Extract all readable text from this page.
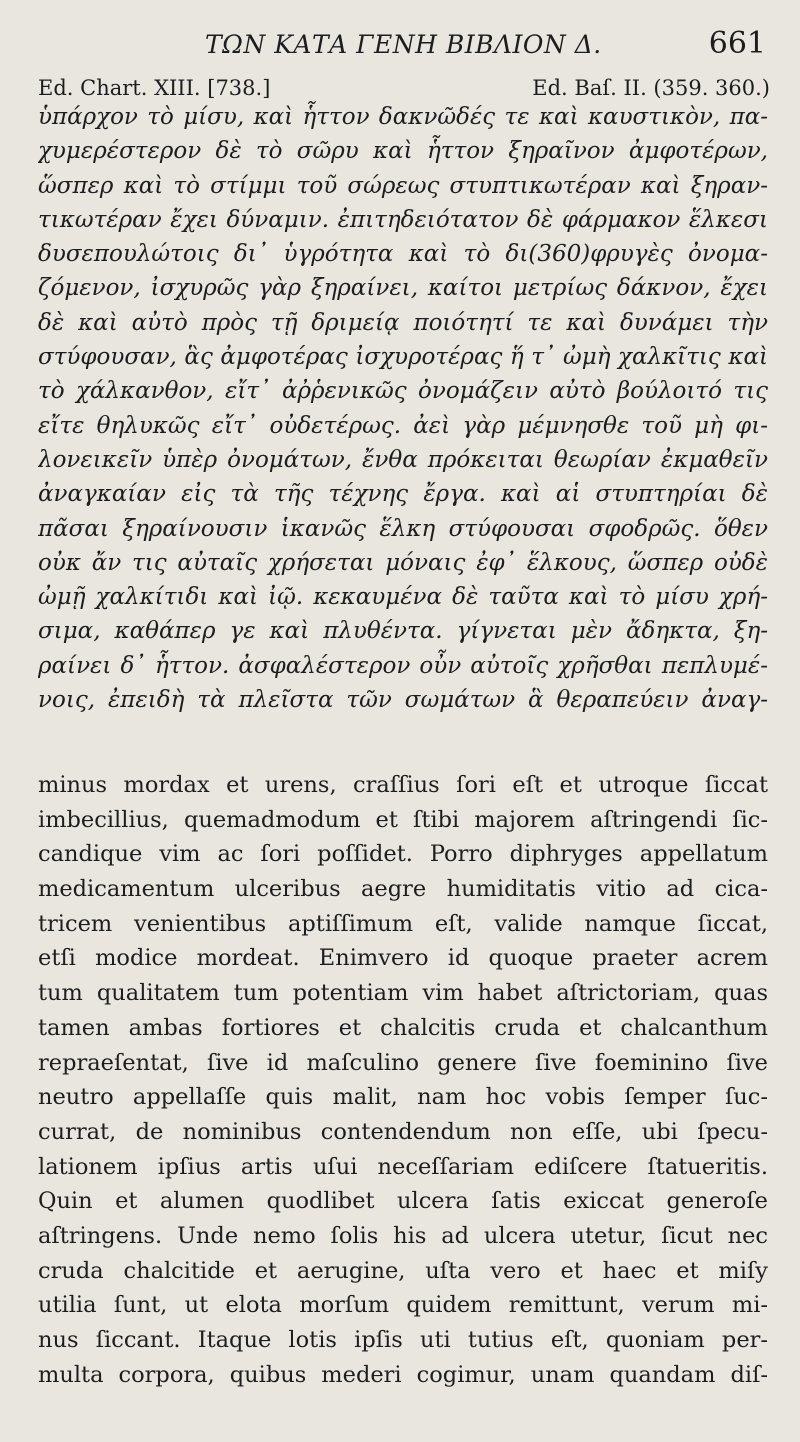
ΤΩΝ ΚΑΤΑ ΓΕΝΗ ΒΙΒΛΙΟΝ Δ.	661
Ed. Chart. XIII. [738.]	Ed. Baſ. II. (359. 360.)
ὑπάρχον τὸ μίσυ, καὶ ἧττον δακνῶδές τε καὶ καυστικὸν, πα-
χυμερέστερον δὲ τὸ σῶρυ καὶ ἧττον ξηραῖνον ἀμφοτέρων,
ὥσπερ καὶ τὸ στίμμι τοῦ σώρεως στυπτικωτέραν καὶ ξηραν-
τικωτέραν ἔχει δύναμιν. ἐπιτηδειότατον δὲ φάρμακον ἕλκεσι
δυσεπουλώτοις δι᾽ ὑγρότητα καὶ τὸ δι(360)φρυγὲς ὀνομα-
ζόμενον, ἰσχυρῶς γὰρ ξηραίνει, καίτοι μετρίως δάκνον, ἔχει
δὲ καὶ αὐτὸ πρὸς τῇ δριμείᾳ ποιότητί τε καὶ δυνάμει τὴν
στύφουσαν, ἃς ἀμφοτέρας ἰσχυροτέρας ἥ τ᾽ ὠμὴ χαλκῖτις καὶ
τὸ χάλκανθον, εἴτ᾽ ἀῤῥενικῶς ὀνομάζειν αὐτὸ βούλοιτό τις
εἴτε θηλυκῶς εἴτ᾽ οὐδετέρως. ἀεὶ γὰρ μέμνησθε τοῦ μὴ φι-
λονεικεῖν ὑπὲρ ὀνομάτων, ἔνθα πρόκειται θεωρίαν ἐκμαθεῖν
ἀναγκαίαν εἰς τὰ τῆς τέχνης ἔργα. καὶ αἱ στυπτηρίαι δὲ
πᾶσαι ξηραίνουσιν ἱκανῶς ἕλκη στύφουσαι σφοδρῶς. ὅθεν
οὐκ ἄν τις αὐταῖς χρήσεται μόναις ἐφ᾽ ἕλκους, ὥσπερ οὐδὲ
ὠμῇ χαλκίτιδι καὶ ἰῷ. κεκαυμένα δὲ ταῦτα καὶ τὸ μίσυ χρή-
σιμα, καθάπερ γε καὶ πλυθέντα. γίγνεται μὲν ἄδηκτα, ξη-
ραίνει δ᾽ ἧττον. ἀσφαλέστερον οὖν αὐτοῖς χρῆσθαι πεπλυμέ-
νοις, ἐπειδὴ τὰ πλεῖστα τῶν σωμάτων ἃ θεραπεύειν ἀναγ-
minus mordax et urens, craſſius ſori eſt et utroque ſiccat
imbecillius, quemadmodum et ſtibi majorem aſtringendi ſic-
candique vim ac ſori poſſidet. Porro diphryges appellatum
medicamentum ulceribus aegre humiditatis vitio ad cica-
tricem venientibus aptiſſimum eſt, valide namque ſiccat,
etſi modice mordeat. Enimvero id quoque praeter acrem
tum qualitatem tum potentiam vim habet aſtrictoriam, quas
tamen ambas fortiores et chalcitis cruda et chalcanthum
repraeſentat, ſive id maſculino genere ſive foeminino ſive
neutro appellaſſe quis malit, nam hoc vobis ſemper ſuc-
currat, de nominibus contendendum non eſſe, ubi ſpecu-
lationem ipſius artis uſui neceſſariam ediſcere ſtatueritis.
Quin et alumen quodlibet ulcera ſatis exiccat generoſe
aſtringens. Unde nemo ſolis his ad ulcera utetur, ſicut nec
cruda chalcitide et aerugine, uſta vero et haec et miſy
utilia ſunt, ut elota morſum quidem remittunt, verum mi-
nus ſiccant. Itaque lotis ipſis uti tutius eſt, quoniam per-
multa corpora, quibus mederi cogimur, unam quandam diſ-
